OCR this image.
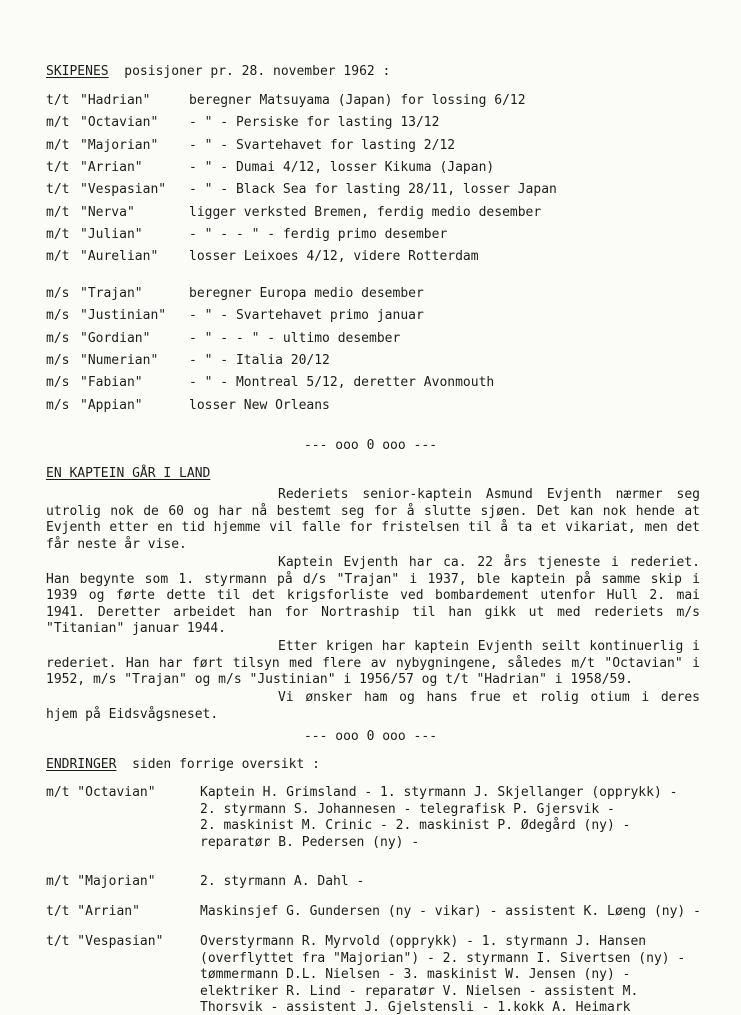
SKIPENES posisjoner pr. 28. november 1962 :
t/t "Hadrian"	beregner Matsuyama (Japan) for lossing 6/12
m/t "Octavian" - " - Persiske for lasting 13/12
m/t "Majorian" - " - Svartehavet for lasting 2/12
t/t "Arrian"	- " - Dumai 4/12, losser Kikuma (Japan)
t/t "Vespasian" - " - Black Sea for lasting 28/11, losser Japan
m/t "Nerva"	ligger verksted Bremen, ferdig medio desember
m/t "Julian"	- " - - " - ferdig primo desember
m/t "Aurelian" losser Leixoes 4/12, videre Rotterdam
m/s "Trajan"	beregner Europa medio desember
m/s "Justinian" - " - Svartehavet primo januar
m/s "Gordian"	- " - - " - ultimo desember
m/s "Numerian" - " - Italia 20/12
m/s "Fabian"	- " - Montreal 5/12, deretter Avonmouth
m/s "Appian"	losser New Orleans
--- ooo 0 ooo ---
EN KAPTEIN GÅR I LAND

Rederiets senior-kaptein Asmund Evjenth nærmer seg utrolig nok de 60 og har nå bestemt seg for å slutte sjøen. Det kan nok hende at Evjenth etter en tid hjemme vil falle for fristelsen til å ta et vikariat, men det får neste år vise.

Kaptein Evjenth har ca. 22 års tjeneste i rederiet. Han begynte som 1. styrmann på d/s "Trajan" i 1937, ble kaptein på samme skip i 1939 og førte dette til det krigsforliste ved bombardement utenfor Hull 2. mai 1941. Deretter arbeidet han for Nortraship til han gikk ut med rederiets m/s "Titanian" januar 1944.

Etter krigen har kaptein Evjenth seilt kontinuerlig i rederiet. Han har ført tilsyn med flere av nybygningene, således m/t "Octavian" i 1952, m/s "Trajan" og m/s "Justinian" i 1956/57 og t/t "Hadrian" i 1958/59.

Vi ønsker ham og hans frue et rolig otium i deres hjem på Eidsvågsneset.

--- ooo 0 ooo ---
ENDRINGER siden forrige oversikt :
m/t "Octavian"	Kaptein H. Grimsland - 1. styrmann J. Skjellanger (opprykk) -
2. styrmann S. Johannesen - telegrafisk P. Gjersvik -
2. maskinist M. Crinic - 2. maskinist P. Ødegård (ny) -
reparatør B. Pedersen (ny) -
m/t "Majorian"	2. styrmann A. Dahl -
t/t "Arrian"	Maskinsjef G. Gundersen (ny - vikar) - assistent K. Løeng (ny) -
t/t "Vespasian"	Overstyrmann R. Myrvold (opprykk) - 1. styrmann J. Hansen
(overflyttet fra "Majorian") - 2. styrmann I. Sivertsen (ny) -
tømmermann D.L. Nielsen - 3. maskinist W. Jensen (ny) -
elektriker R. Lind - reparatør V. Nielsen - assistent M.
Thorsvik - assistent J. Gjelstensli - 1.kokk A. Heimark
